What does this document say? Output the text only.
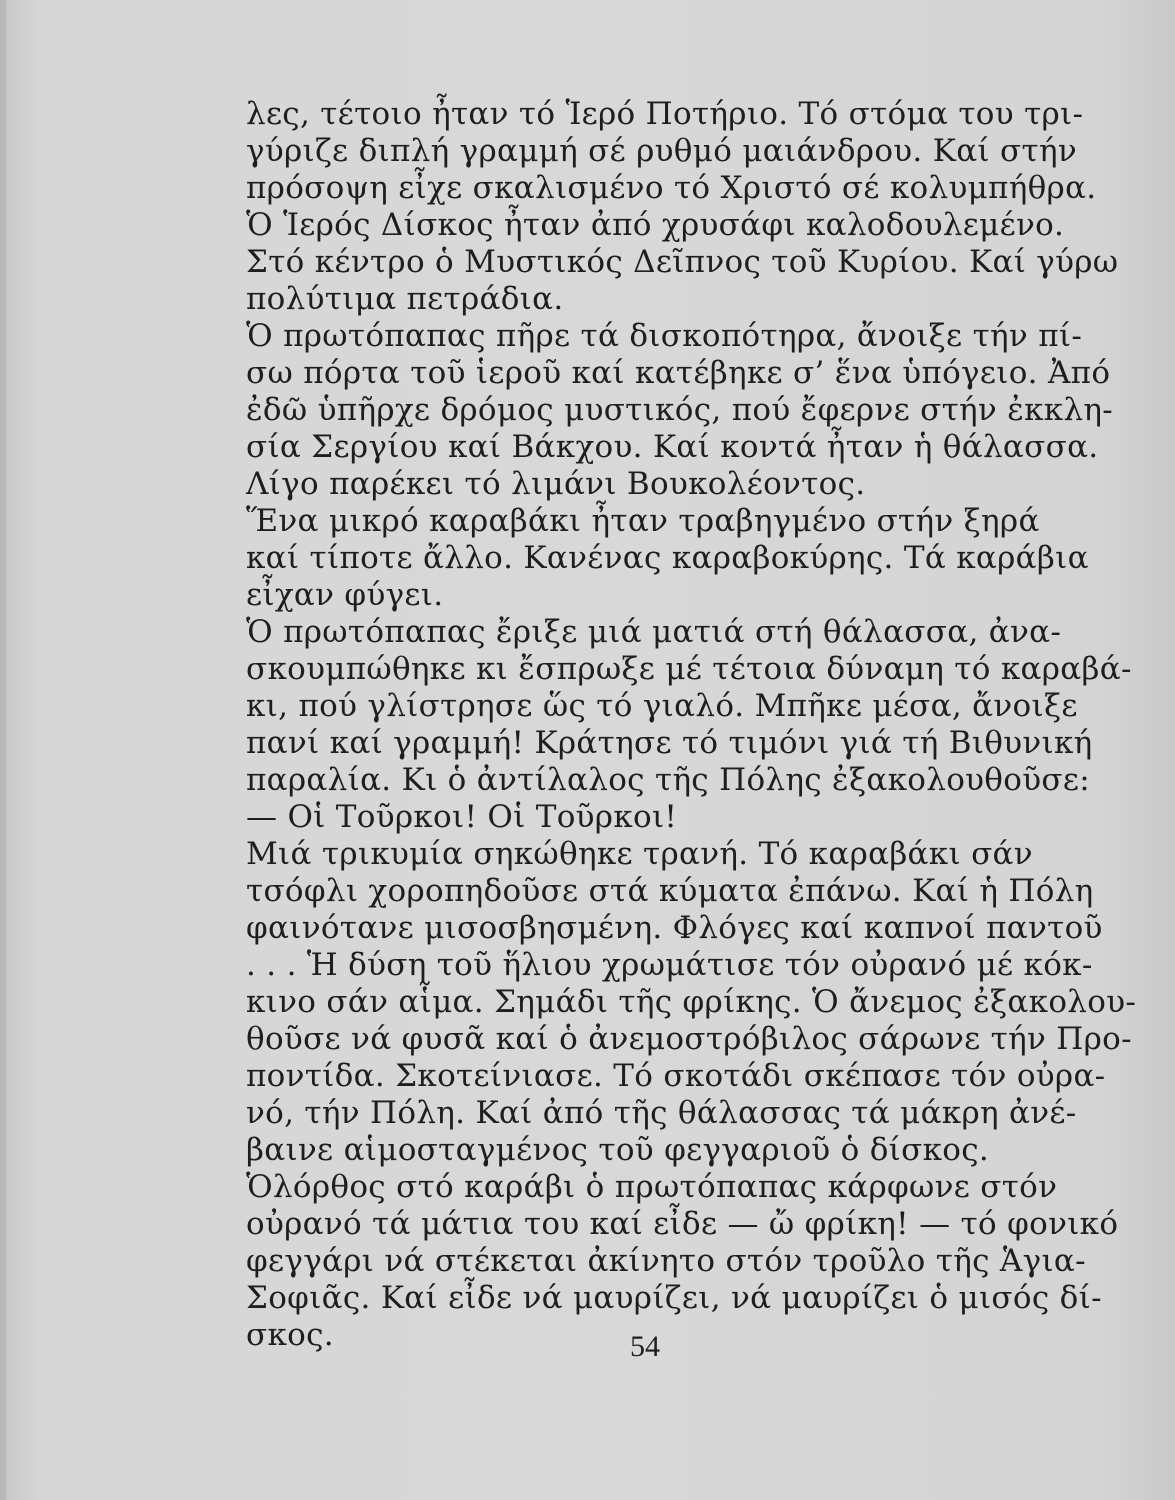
λες, τέτοιο ἦταν τό Ἱερό Ποτήριο. Τό στόμα του τρι-
γύριζε διπλή γραμμή σέ ρυθμό μαιάνδρου. Καί στήν
πρόσοψη εἶχε σκαλισμένο τό Χριστό σέ κολυμπήθρα.
Ὁ Ἱερός Δίσκος ἦταν ἀπό χρυσάφι καλοδουλεμένο.
Στό κέντρο ὁ Μυστικός Δεῖπνος τοῦ Κυρίου. Καί γύρω
πολύτιμα πετράδια.
Ὁ πρωτόπαπας πῆρε τά δισκοπότηρα, ἄνοιξε τήν πί-
σω πόρτα τοῦ ἱεροῦ καί κατέβηκε σ’ ἕνα ὑπόγειο. Ἀπό
ἐδῶ ὑπῆρχε δρόμος μυστικός, πού ἔφερνε στήν ἐκκλη-
σία Σεργίου καί Βάκχου. Καί κοντά ἦταν ἡ θάλασσα.
Λίγο παρέκει τό λιμάνι Βουκολέοντος.
Ἕνα μικρό καραβάκι ἦταν τραβηγμένο στήν ξηρά
καί τίποτε ἄλλο. Κανένας καραβοκύρης. Τά καράβια
εἶχαν φύγει.
Ὁ πρωτόπαπας ἔριξε μιά ματιά στή θάλασσα, ἀνα-
σκουμπώθηκε κι ἔσπρωξε μέ τέτοια δύναμη τό καραβά-
κι, πού γλίστρησε ὥς τό γιαλό. Μπῆκε μέσα, ἄνοιξε
πανί καί γραμμή! Κράτησε τό τιμόνι γιά τή Βιθυνική
παραλία. Κι ὁ ἀντίλαλος τῆς Πόλης ἐξακολουθοῦσε:
— Οἱ Τοῦρκοι! Οἱ Τοῦρκοι!
Μιά τρικυμία σηκώθηκε τρανή. Τό καραβάκι σάν
τσόφλι χοροπηδοῦσε στά κύματα ἐπάνω. Καί ἡ Πόλη
φαινότανε μισοσβησμένη. Φλόγες καί καπνοί παντοῦ
. . . Ἡ δύση τοῦ ἥλιου χρωμάτισε τόν οὐρανό μέ κόκ-
κινο σάν αἷμα. Σημάδι τῆς φρίκης. Ὁ ἄνεμος ἐξακολου-
θοῦσε νά φυσᾶ καί ὁ ἀνεμοστρόβιλος σάρωνε τήν Προ-
ποντίδα. Σκοτείνιασε. Τό σκοτάδι σκέπασε τόν οὐρα-
νό, τήν Πόλη. Καί ἀπό τῆς θάλασσας τά μάκρη ἀνέ-
βαινε αἱμοσταγμένος τοῦ φεγγαριοῦ ὁ δίσκος.
Ὁλόρθος στό καράβι ὁ πρωτόπαπας κάρφωνε στόν
οὐρανό τά μάτια του καί εἶδε — ὤ φρίκη! — τό φονικό
φεγγάρι νά στέκεται ἀκίνητο στόν τροῦλο τῆς Ἁγια-
Σοφιᾶς. Καί εἶδε νά μαυρίζει, νά μαυρίζει ὁ μισός δί-
σκος.	54
